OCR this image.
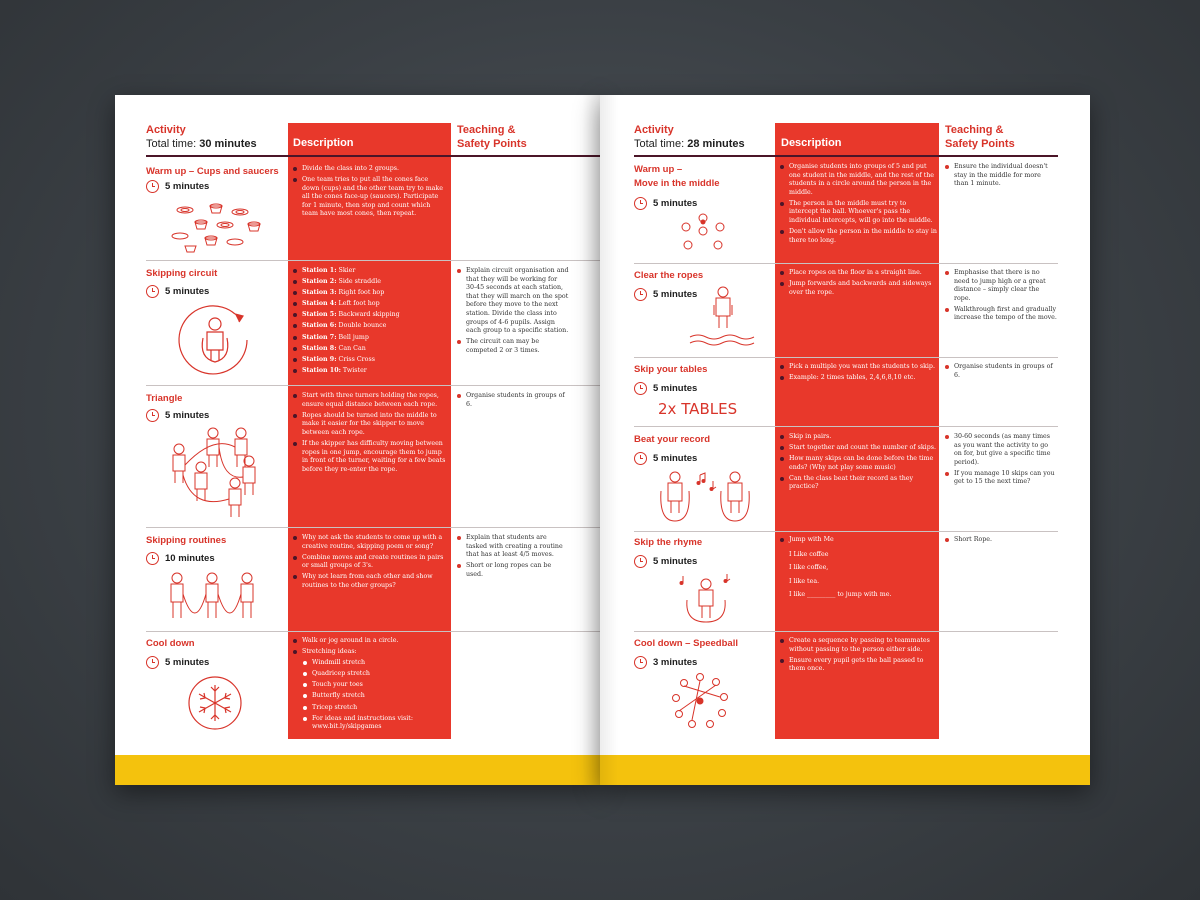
Activity
Total time: 30 minutes	Description
Teaching &
Safety Points
Warm up – Cups and saucers
5 minutes
Divide the class into 2 groups.
One team tries to put all the cones face down (cups) and the other team try to make all the cones face-up (saucers). Participate for 1 minute, then stop and count which team have most cones, then repeat.
Skipping circuit
5 minutes
Station 1: Skier
Station 2: Side straddle
Station 3: Right foot hop
Station 4: Left foot hop
Station 5: Backward skipping
Station 6: Double bounce
Station 7: Bell jump
Station 8: Can Can
Station 9: Criss Cross
Station 10: Twister
Explain circuit organisation and that they will be working for 30-45 seconds at each station, that they will march on the spot before they move to the next station. Divide the class into groups of 4-6 pupils. Assign each group to a specific station.
The circuit can may be competed 2 or 3 times.
Triangle
5 minutes
Start with three turners holding the ropes, ensure equal distance between each rope.
Ropes should be turned into the middle to make it easier for the skipper to move between each rope.
If the skipper has difficulty moving between ropes in one jump, encourage them to jump in front of the turner, waiting for a few beats before they re-enter the rope.
Organise students in groups of 6.
Skipping routines
10 minutes
Why not ask the students to come up with a creative routine, skipping poem or song?
Combine moves and create routines in pairs or small groups of 3's.
Why not learn from each other and show routines to the other groups?
Explain that students are tasked with creating a routine that has at least 4/5 moves.
Short or long ropes can be used.
Cool down
5 minutes
Walk or jog around in a circle.
Stretching ideas:
Windmill stretch
Quadricep stretch
Touch your toes
Butterfly stretch
Tricep stretch
For ideas and instructions visit: www.bit.ly/skipgames
Activity
Total time: 28 minutes	Description
Teaching &
Safety Points
Warm up –
Move in the middle
5 minutes
Organise students into groups of 5 and put one student in the middle, and the rest of the students in a circle around the person in the middle.
The person in the middle must try to intercept the ball. Whoever's pass the individual intercepts, will go into the middle.
Don't allow the person in the middle to stay in there too long.
Ensure the individual doesn't stay in the middle for more than 1 minute.
Clear the ropes
5 minutes
Place ropes on the floor in a straight line.
Jump forwards and backwards and sideways over the rope.
Emphasise that there is no need to jump high or a great distance – simply clear the rope.
Walkthrough first and gradually increase the tempo of the move.
Skip your tables
5 minutes
2x TABLES
Pick a multiple you want the students to skip.
Example: 2 times tables, 2,4,6,8,10 etc.
Organise students in groups of 6.
Beat your record
5 minutes
Skip in pairs.
Start together and count the number of skips.
How many skips can be done before the time ends? (Why not play some music)
Can the class beat their record as they practice?
30-60 seconds (as many times as you want the activity to go on for, but give a specific time period).
If you manage 10 skips can you get to 15 the next time?
Skip the rhyme
5 minutes
Jump with Me
I Like coffee
I like coffee,
I like tea.
I like _________ to jump with me.
Short Rope.
Cool down – Speedball
3 minutes
Create a sequence by passing to teammates without passing to the person either side.
Ensure every pupil gets the ball passed to them once.
